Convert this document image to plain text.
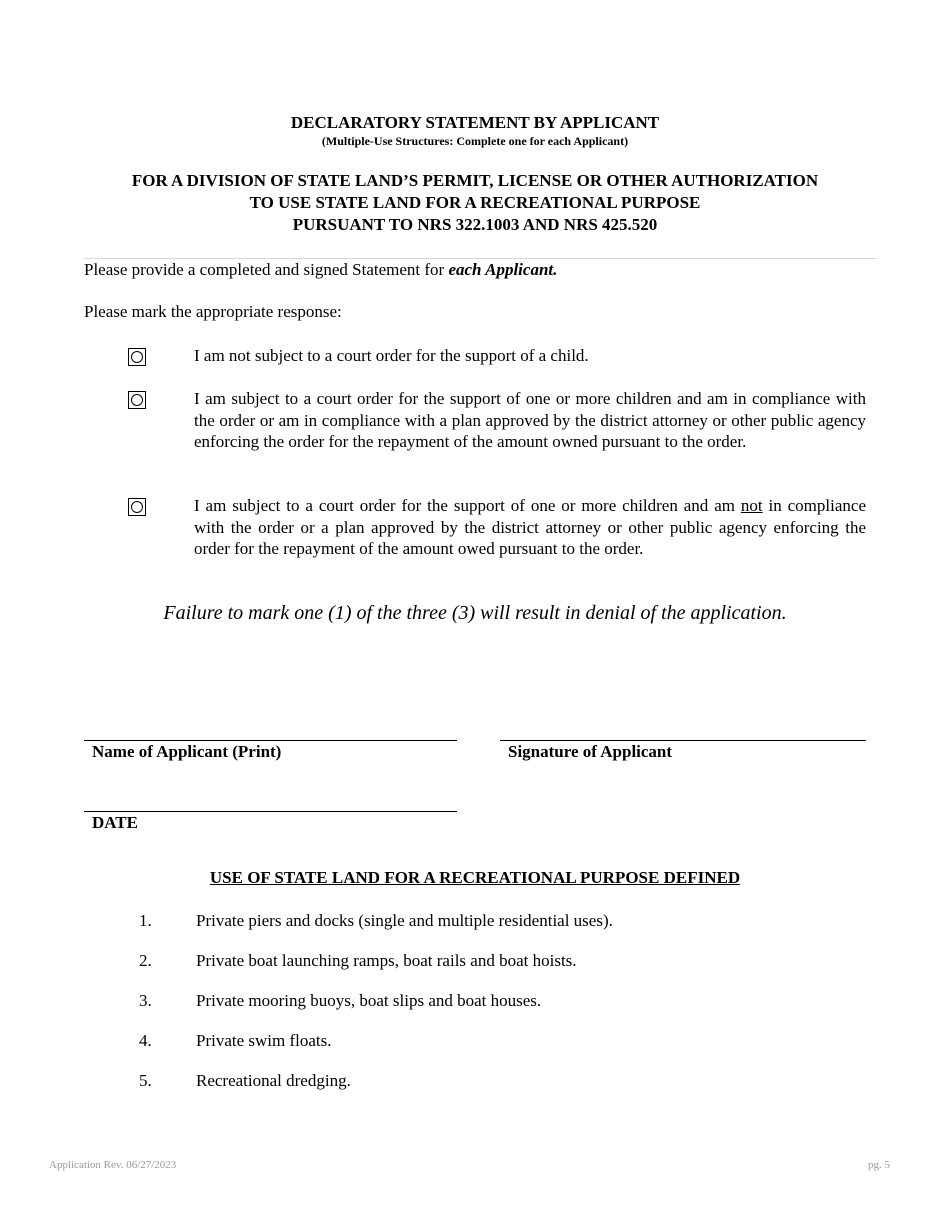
DECLARATORY STATEMENT BY APPLICANT
(Multiple-Use Structures: Complete one for each Applicant)
FOR A DIVISION OF STATE LAND’S PERMIT, LICENSE OR OTHER AUTHORIZATION
TO USE STATE LAND FOR A RECREATIONAL PURPOSE
PURSUANT TO NRS 322.1003 AND NRS 425.520
Please provide a completed and signed Statement for each Applicant.
Please mark the appropriate response:
I am not subject to a court order for the support of a child.
I am subject to a court order for the support of one or more children and am in compliance with the order or am in compliance with a plan approved by the district attorney or other public agency enforcing the order for the repayment of the amount owned pursuant to the order.
I am subject to a court order for the support of one or more children and am not in compliance with the order or a plan approved by the district attorney or other public agency enforcing the order for the repayment of the amount owed pursuant to the order.
Failure to mark one (1) of the three (3) will result in denial of the application.
Name of Applicant (Print)	Signature of Applicant
DATE
USE OF STATE LAND FOR A RECREATIONAL PURPOSE DEFINED
1.	Private piers and docks (single and multiple residential uses).
2.	Private boat launching ramps, boat rails and boat hoists.
3.	Private mooring buoys, boat slips and boat houses.
4.	Private swim floats.
5.	Recreational dredging.
Application Rev. 06/27/2023	pg. 5
